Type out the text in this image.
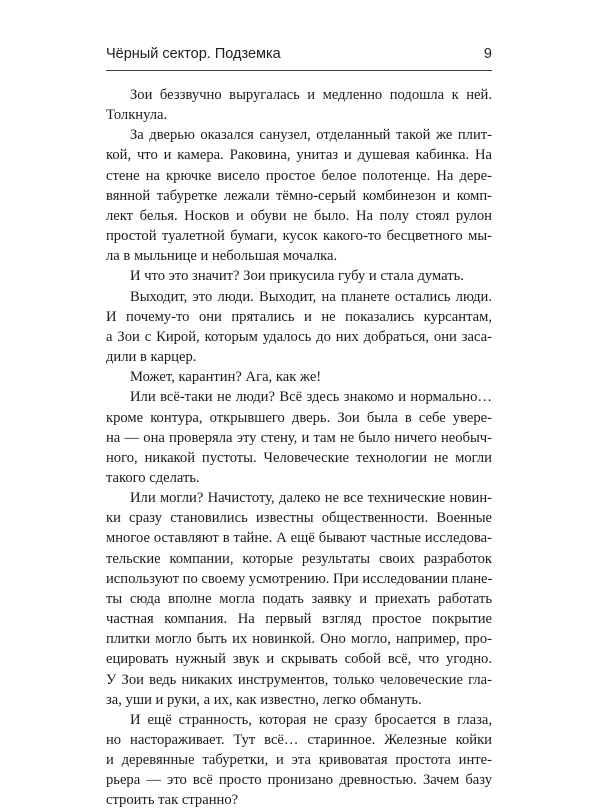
Чёрный сектор. Подземка	9

Зои беззвучно выругалась и медленно подошла к ней.
Толкнула.

За дверью оказался санузел, отделанный такой же плит-
кой, что и камера. Раковина, унитаз и душевая кабинка. На
стене на крючке висело простое белое полотенце. На дере-
вянной табуретке лежали тёмно-серый комбинезон и комп-
лект белья. Носков и обуви не было. На полу стоял рулон
простой туалетной бумаги, кусок какого-то бесцветного мы-
ла в мыльнице и небольшая мочалка.

И что это значит? Зои прикусила губу и стала думать.

Выходит, это люди. Выходит, на планете остались люди.
И почему-то они прятались и не показались курсантам,
а Зои с Кирой, которым удалось до них добраться, они заса-
дили в карцер.

Может, карантин? Ага, как же!

Или всё-таки не люди? Всё здесь знакомо и нормально…
кроме контура, открывшего дверь. Зои была в себе увере-
на — она проверяла эту стену, и там не было ничего необыч-
ного, никакой пустоты. Человеческие технологии не могли
такого сделать.

Или могли? Начистоту, далеко не все технические новин-
ки сразу становились известны общественности. Военные
многое оставляют в тайне. А ещё бывают частные исследова-
тельские компании, которые результаты своих разработок
используют по своему усмотрению. При исследовании плане-
ты сюда вполне могла подать заявку и приехать работать
частная компания. На первый взгляд простое покрытие
плитки могло быть их новинкой. Оно могло, например, про-
ецировать нужный звук и скрывать собой всё, что угодно.
У Зои ведь никаких инструментов, только человеческие гла-
за, уши и руки, а их, как известно, легко обмануть.

И ещё странность, которая не сразу бросается в глаза,
но настораживает. Тут всё… старинное. Железные койки
и деревянные табуретки, и эта кривоватая простота инте-
рьера — это всё просто пронизано древностью. Зачем базу
строить так странно?
